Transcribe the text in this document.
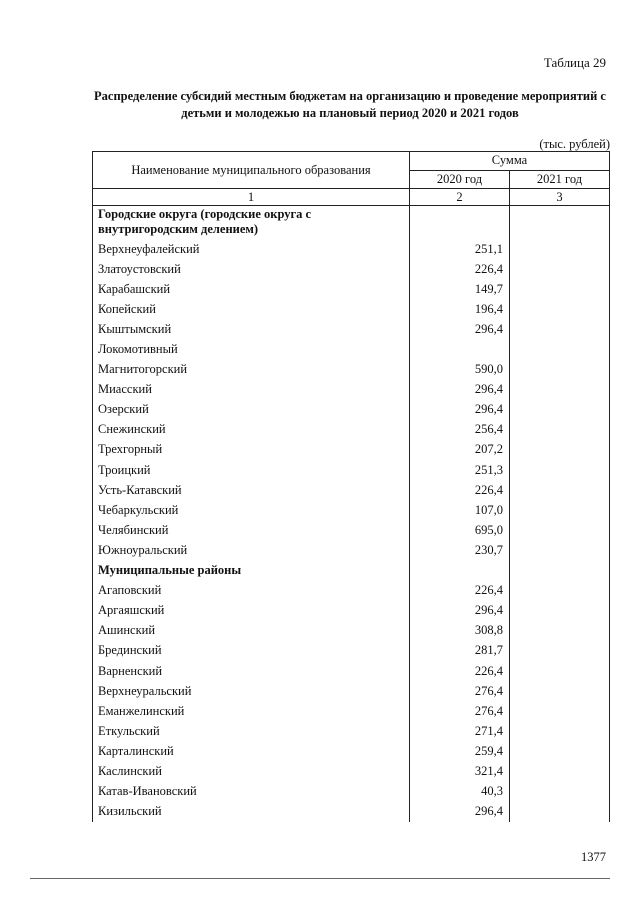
Таблица 29
Распределение субсидий местным бюджетам на организацию и проведение мероприятий с детьми и молодежью на плановый период 2020 и 2021 годов
(тыс. рублей)
Наименование муниципального образования	Сумма	
	2020 год	2021 год
1	2	3
Городские округа (городские округа с внутригородским делением)		
Верхнеуфалейский	251,1	
Златоустовский	226,4	
Карабашский	149,7	
Копейский	196,4	
Кыштымский	296,4	
Локомотивный		
Магнитогорский	590,0	
Миасский	296,4	
Озерский	296,4	
Снежинский	256,4	
Трехгорный	207,2	
Троицкий	251,3	
Усть-Катавский	226,4	
Чебаркульский	107,0	
Челябинский	695,0	
Южноуральский	230,7	
Муниципальные районы		
Агаповский	226,4	
Аргаяшский	296,4	
Ашинский	308,8	
Брединский	281,7	
Варненский	226,4	
Верхнеуральский	276,4	
Еманжелинский	276,4	
Еткульский	271,4	
Карталинский	259,4	
Каслинский	321,4	
Катав-Ивановский	40,3	
Кизильский	296,4	
1377
